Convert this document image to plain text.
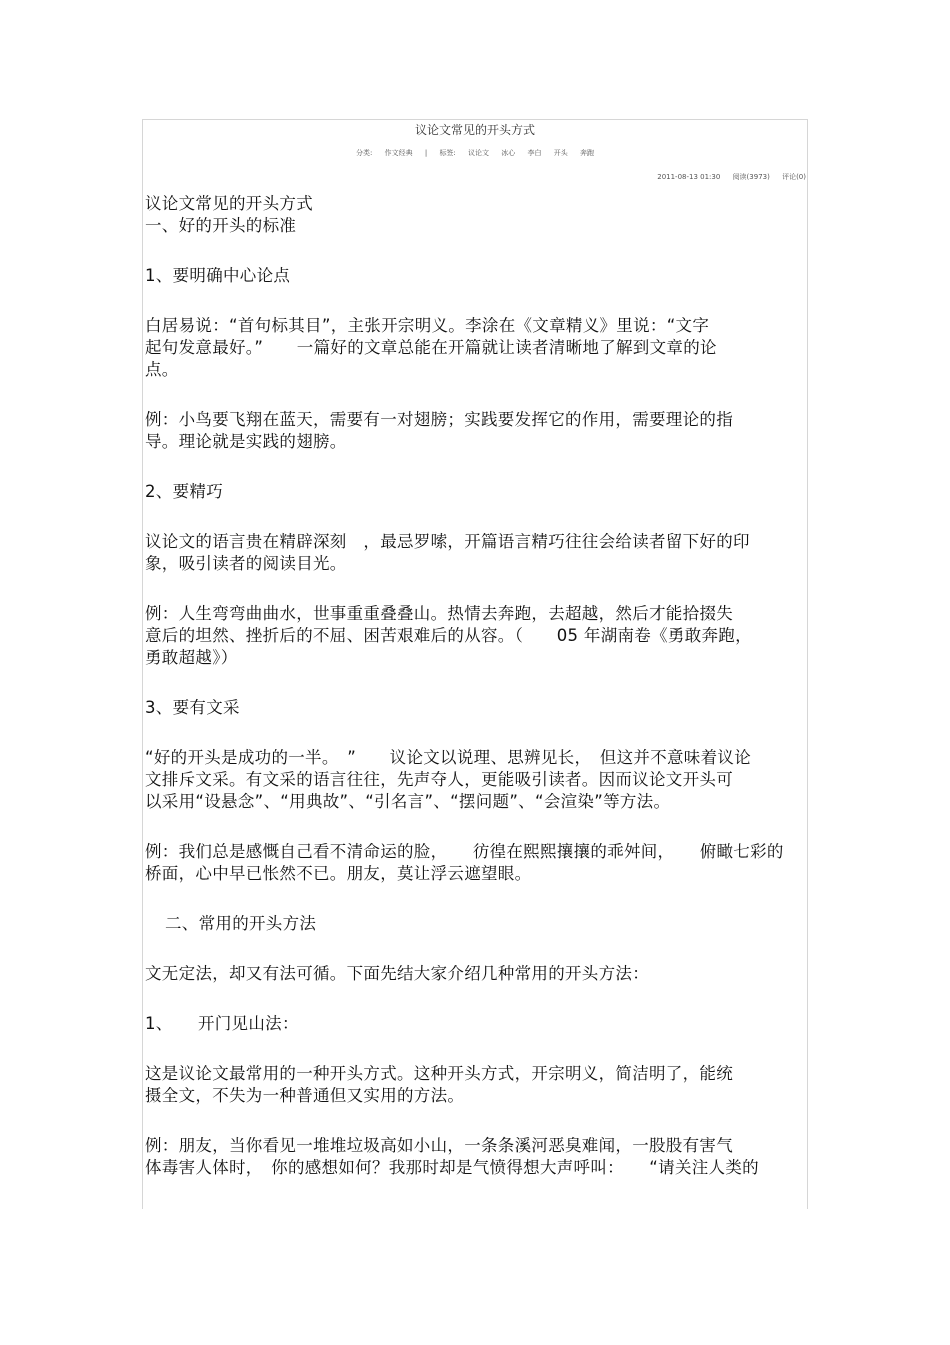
议论文常见的开头方式
分类: 作文经典 | 标签: 议论文 冰心 李白 开头 奔跑
2011-08-13 01:30 阅读(3973) 评论(0)

议论文常见的开头方式

一、好的开头的标准

1、要明确中心论点

白居易说：“首句标其目”，主张开宗明义。李涂在《文章精义》里说：“文字

起句发意最好。”　　一篇好的文章总能在开篇就让读者清晰地了解到文章的论

点。

例：小鸟要飞翔在蓝天，需要有一对翅膀；实践要发挥它的作用，需要理论的指

导。理论就是实践的翅膀。

2、要精巧

议论文的语言贵在精辟深刻　，最忌罗嗦，开篇语言精巧往往会给读者留下好的印

象，吸引读者的阅读目光。

例：人生弯弯曲曲水，世事重重叠叠山。热情去奔跑，去超越，然后才能拾掇失

意后的坦然、挫折后的不屈、困苦艰难后的从容。（　　05 年湖南卷《勇敢奔跑，

勇敢超越》）

3、要有文采

“好的开头是成功的一半。　”　　议论文以说理、思辨见长，　但这并不意味着议论

文排斥文采。有文采的语言往往，先声夺人，更能吸引读者。因而议论文开头可

以采用“设悬念”、“用典故”、“引名言”、“摆问题”、“会渲染”等方法。

例：我们总是感慨自己看不清命运的脸，　　彷徨在熙熙攘攘的乖舛间，　　俯瞰七彩的

桥面，心中早已怅然不已。朋友，莫让浮云遮望眼。

二、常用的开头方法

文无定法，却又有法可循。下面先结大家介绍几种常用的开头方法：

1、　　开门见山法：

这是议论文最常用的一种开头方式。这种开头方式，开宗明义，简洁明了，能统

摄全文，不失为一种普通但又实用的方法。

例：朋友，当你看见一堆堆垃圾高如小山，一条条溪河恶臭难闻，一股股有害气

体毒害人体时，　你的感想如何？我那时却是气愤得想大声呼叫：　　“请关注人类的
